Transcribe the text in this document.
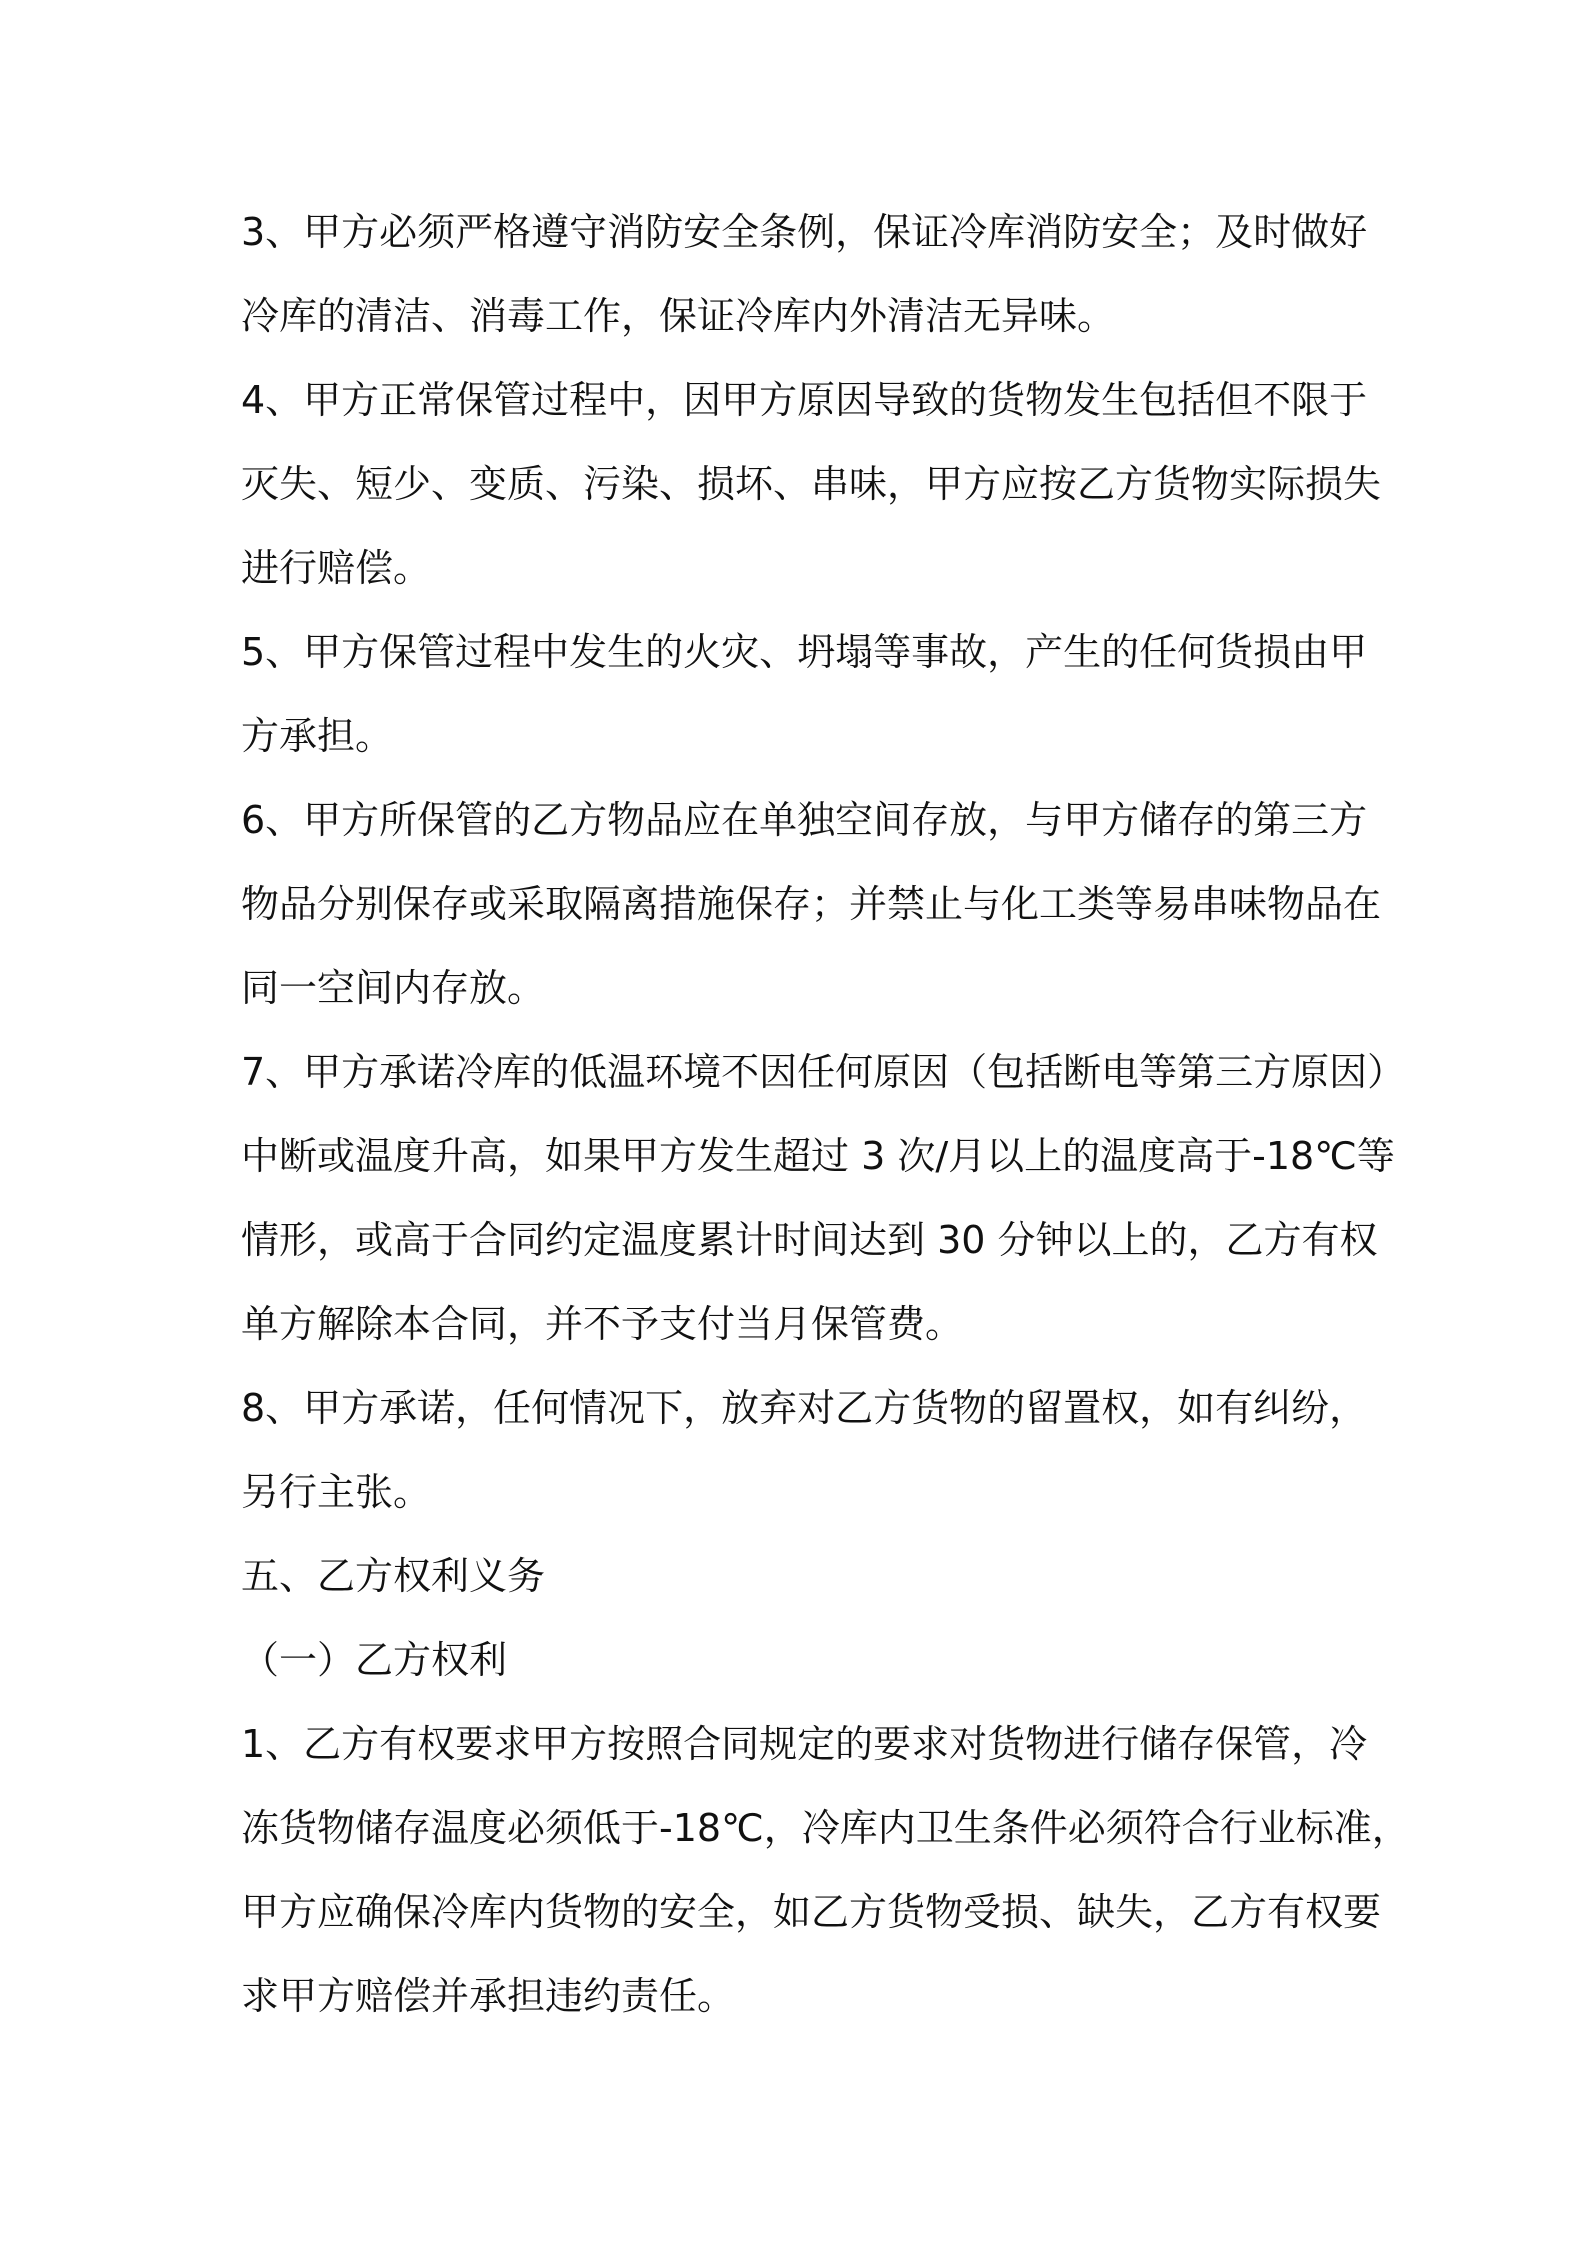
3、甲方必须严格遵守消防安全条例，保证冷库消防安全；及时做好
冷库的清洁、消毒工作，保证冷库内外清洁无异味。
4、甲方正常保管过程中，因甲方原因导致的货物发生包括但不限于
灭失、短少、变质、污染、损坏、串味，甲方应按乙方货物实际损失
进行赔偿。
5、甲方保管过程中发生的火灾、坍塌等事故，产生的任何货损由甲
方承担。
6、甲方所保管的乙方物品应在单独空间存放，与甲方储存的第三方
物品分别保存或采取隔离措施保存；并禁止与化工类等易串味物品在
同一空间内存放。
7、甲方承诺冷库的低温环境不因任何原因（包括断电等第三方原因）
中断或温度升高，如果甲方发生超过 3 次/月以上的温度高于-18℃等
情形，或高于合同约定温度累计时间达到 30 分钟以上的，乙方有权
单方解除本合同，并不予支付当月保管费。
8、甲方承诺，任何情况下，放弃对乙方货物的留置权，如有纠纷，
另行主张。
五、乙方权利义务
（一）乙方权利
1、乙方有权要求甲方按照合同规定的要求对货物进行储存保管，冷
冻货物储存温度必须低于-18℃，冷库内卫生条件必须符合行业标准，
甲方应确保冷库内货物的安全，如乙方货物受损、缺失，乙方有权要
求甲方赔偿并承担违约责任。
